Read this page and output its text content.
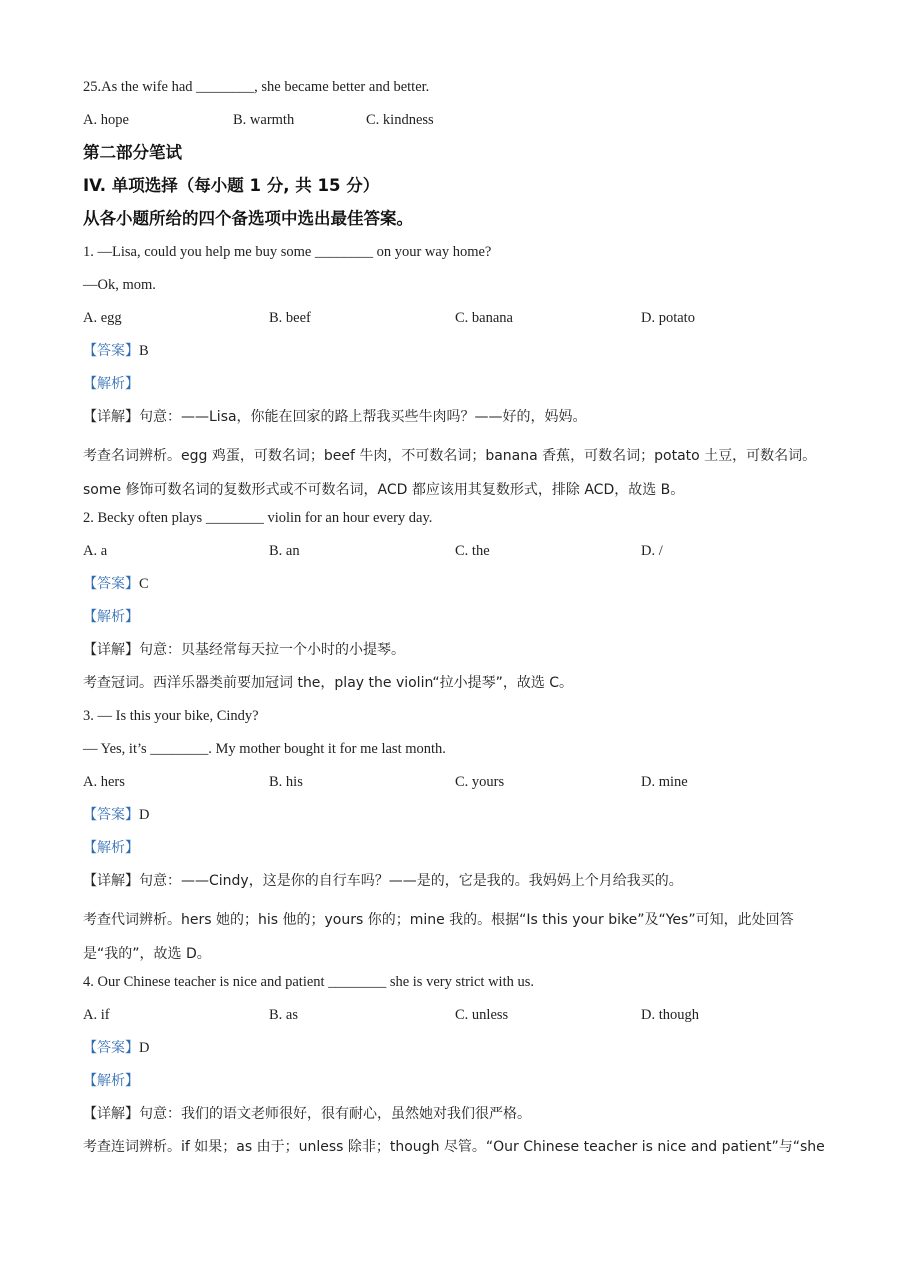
25.As the wife had ________, she became better and better.
A. hope	B. warmth	C. kindness
第二部分笔试
IV. 单项选择（每小题 1 分, 共 15 分）
从各小题所给的四个备选项中选出最佳答案。
1. —Lisa, could you help me buy some ________ on your way home?
—Ok, mom.
A. egg	B. beef	C. banana	D. potato
【答案】B
【解析】
【详解】句意：——Lisa，你能在回家的路上帮我买些牛肉吗？——好的，妈妈。
考查名词辨析。egg 鸡蛋，可数名词；beef 牛肉，不可数名词；banana 香蕉，可数名词；potato 土豆，可数名词。some 修饰可数名词的复数形式或不可数名词，ACD 都应该用其复数形式，排除 ACD，故选 B。
2. Becky often plays ________ violin for an hour every day.
A. a	B. an	C. the	D. /
【答案】C
【解析】
【详解】句意：贝基经常每天拉一个小时的小提琴。
考查冠词。西洋乐器类前要加冠词 the，play the violin“拉小提琴”，故选 C。
3. — Is this your bike, Cindy?
— Yes, it’s ________. My mother bought it for me last month.
A. hers	B. his	C. yours	D. mine
【答案】D
【解析】
【详解】句意：——Cindy，这是你的自行车吗？——是的，它是我的。我妈妈上个月给我买的。
考查代词辨析。hers 她的；his 他的；yours 你的；mine 我的。根据“Is this your bike”及“Yes”可知，此处回答是“我的”，故选 D。
4. Our Chinese teacher is nice and patient ________ she is very strict with us.
A. if	B. as	C. unless	D. though
【答案】D
【解析】
【详解】句意：我们的语文老师很好，很有耐心，虽然她对我们很严格。
考查连词辨析。if 如果；as 由于；unless 除非；though 尽管。“Our Chinese teacher is nice and patient”与“she
